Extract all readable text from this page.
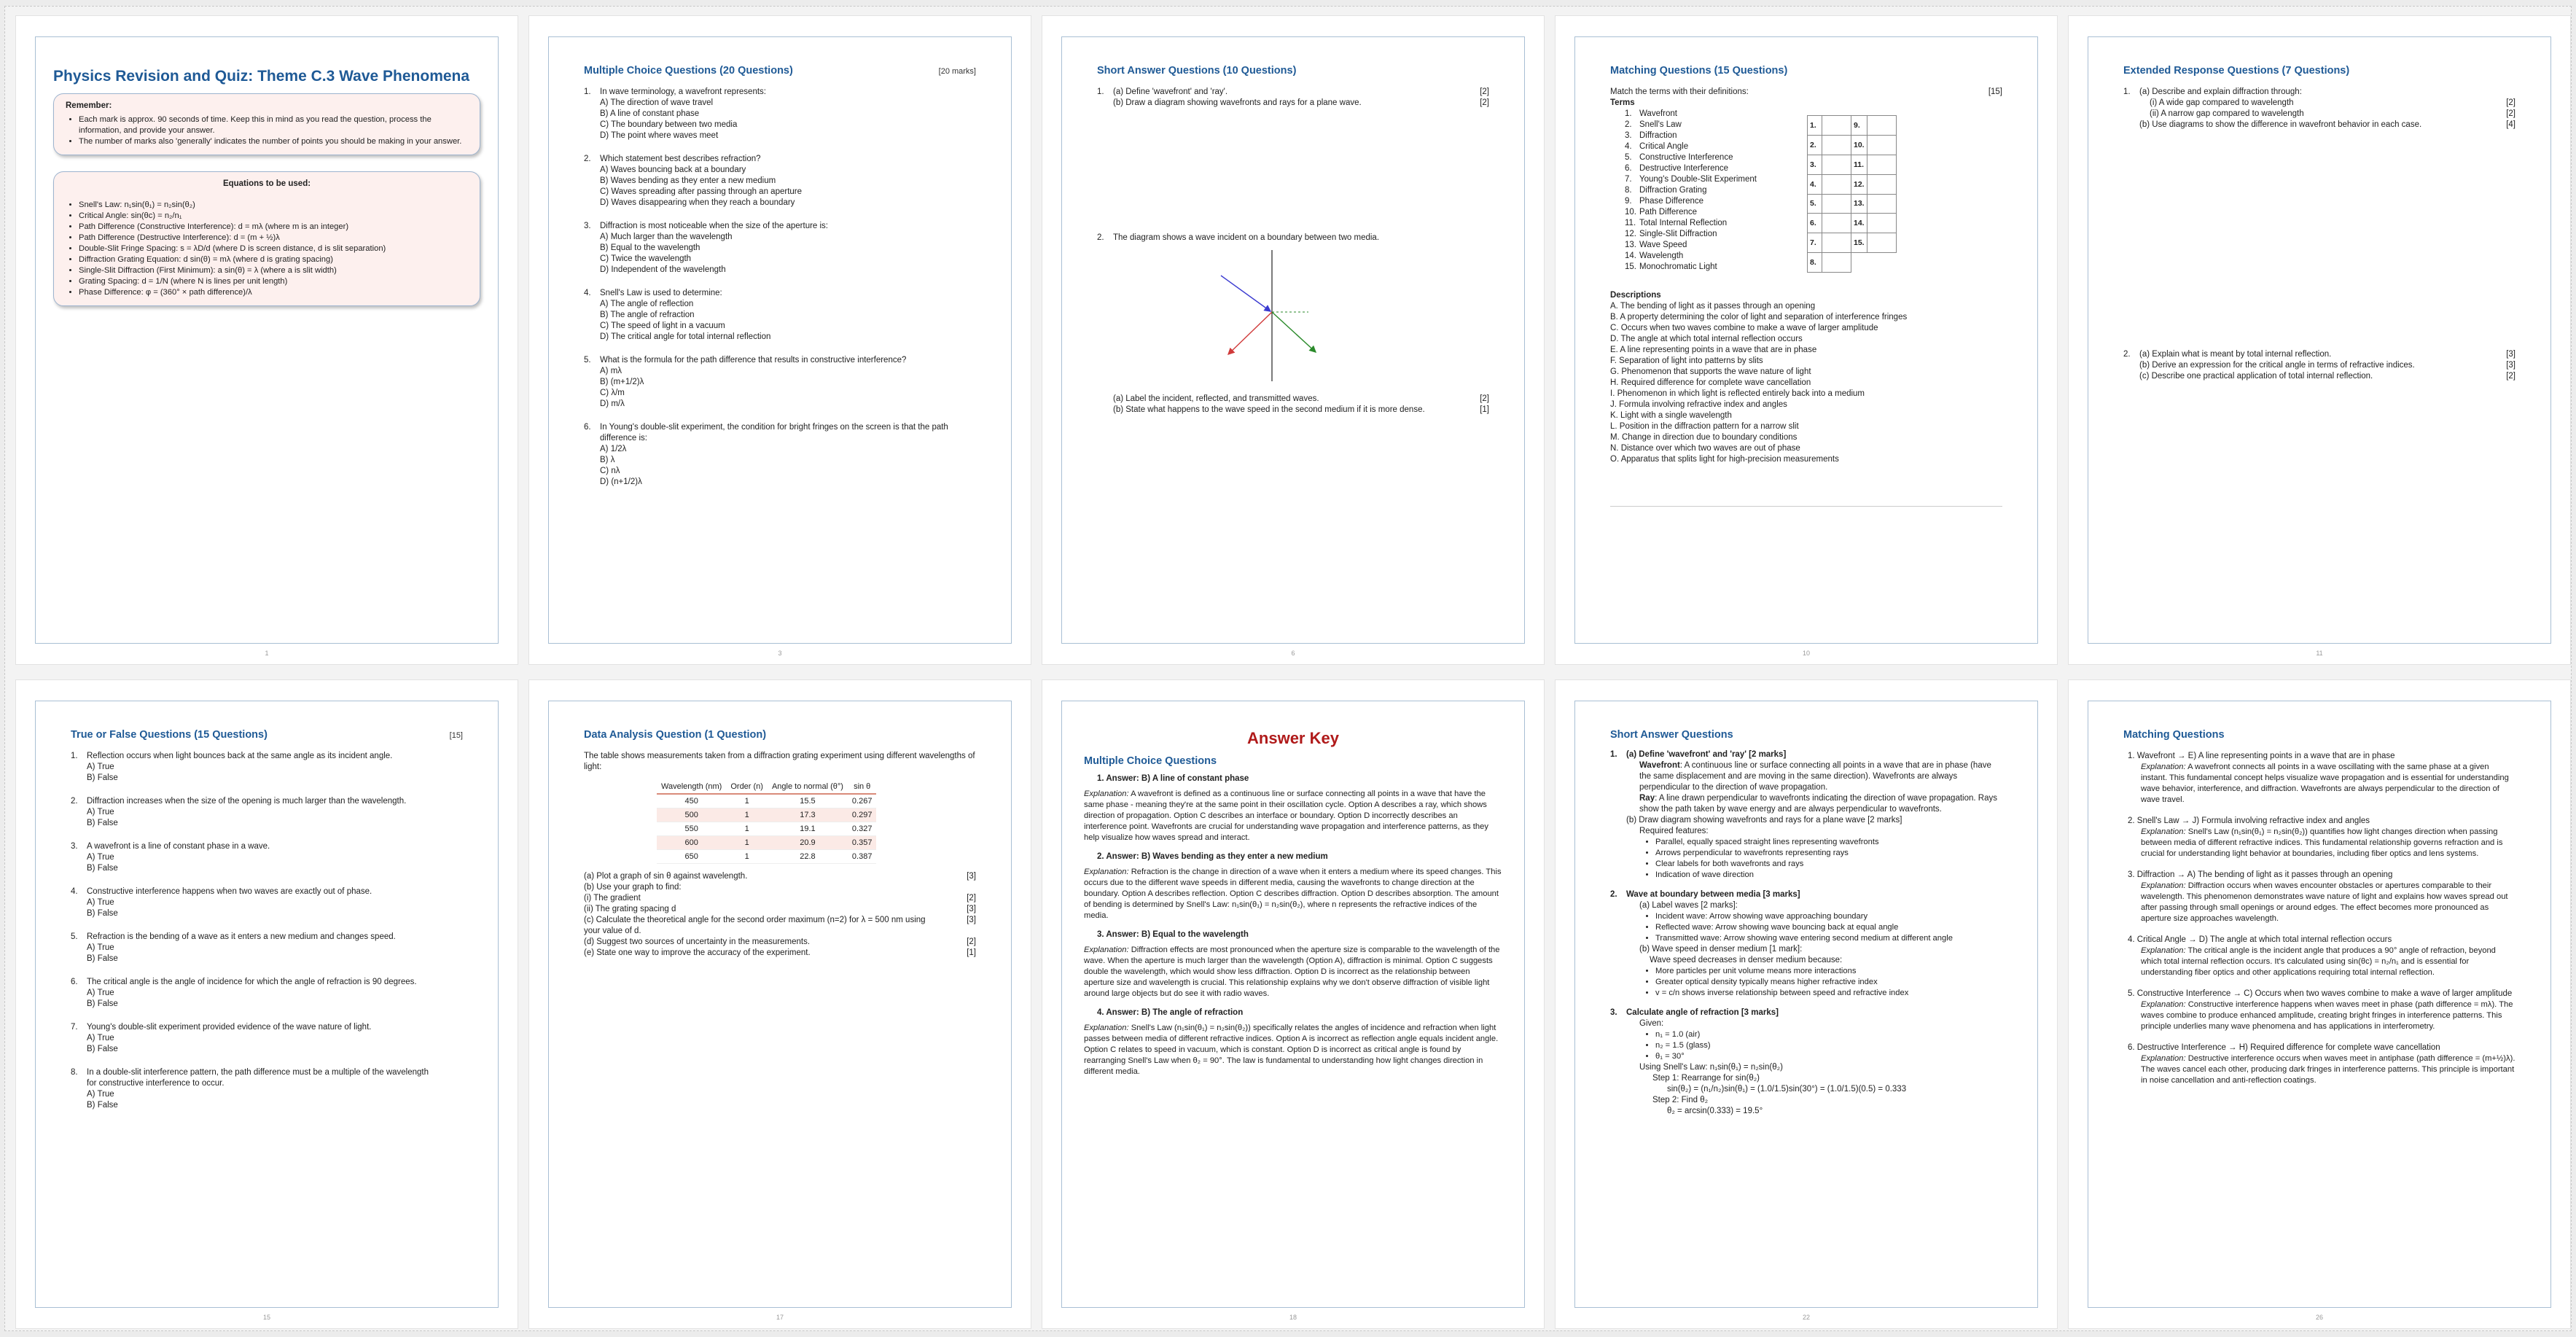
Physics Revision and Quiz: Theme C.3 Wave Phenomena
Remember:
• Each mark is approx. 90 seconds of time. Keep this in mind as you read the question, process the information, and provide your answer.
• The number of marks also 'generally' indicates the number of points you should be making in your answer.
Equations to be used:
• Snell's Law: n₁sin(θ₁) = n₂sin(θ₂)
• Critical Angle: sin(θc) = n₂/n₁
• Path Difference (Constructive Interference): d = mλ (where m is an integer)
• Path Difference (Destructive Interference): d = (m + ½)λ
• Double-Slit Fringe Spacing: s = λD/d (where D is screen distance, d is slit separation)
• Diffraction Grating Equation: d sin(θ) = mλ (where d is grating spacing)
• Single-Slit Diffraction (First Minimum): a sin(θ) = λ (where a is slit width)
• Grating Spacing: d = 1/N (where N is lines per unit length)
• Phase Difference: φ = (360° × path difference)/λ
1
Multiple Choice Questions (20 Questions)	[20 marks]
1.	In wave terminology, a wavefront represents:
A) The direction of wave travel
B) A line of constant phase
C) The boundary between two media
D) The point where waves meet
2.	Which statement best describes refraction?
A) Waves bouncing back at a boundary
B) Waves bending as they enter a new medium
C) Waves spreading after passing through an aperture
D) Waves disappearing when they reach a boundary
3.	Diffraction is most noticeable when the size of the aperture is:
A) Much larger than the wavelength
B) Equal to the wavelength
C) Twice the wavelength
D) Independent of the wavelength
4.	Snell's Law is used to determine:
A) The angle of reflection
B) The angle of refraction
C) The speed of light in a vacuum
D) The critical angle for total internal reflection
5.	What is the formula for the path difference that results in constructive interference?
A) mλ
B) (m+1/2)λ
C) λ/m
D) m/λ
6.	In Young's double-slit experiment, the condition for bright fringes on the screen is that the path difference is:
A) 1/2λ
B) λ
C) nλ
D) (n+1/2)λ
3
Short Answer Questions (10 Questions)
1.	(a) Define 'wavefront' and 'ray'.	[2]
(b) Draw a diagram showing wavefronts and rays for a plane wave.	[2]
2.	The diagram shows a wave incident on a boundary between two media.
(a) Label the incident, reflected, and transmitted waves.	[2]
(b) State what happens to the wave speed in the second medium if it is more dense.	[1]
6
Matching Questions (15 Questions)
Match the terms with their definitions:	[15]
Terms
1. Wavefront
2. Snell's Law
3. Diffraction
4. Critical Angle
5. Constructive Interference
6. Destructive Interference
7. Young's Double-Slit Experiment
8. Diffraction Grating
9. Phase Difference
10. Path Difference
11. Total Internal Reflection
12. Single-Slit Diffraction
13. Wave Speed
14. Wavelength
15. Monochromatic Light
1.		9.	
2.		10.	
3.		11.	
4.		12.	
5.		13.	
6.		14.	
7.		15.	
8.			
Descriptions
A. The bending of light as it passes through an opening
B. A property determining the color of light and separation of interference fringes
C. Occurs when two waves combine to make a wave of larger amplitude
D. The angle at which total internal reflection occurs
E. A line representing points in a wave that are in phase
F. Separation of light into patterns by slits
G. Phenomenon that supports the wave nature of light
H. Required difference for complete wave cancellation
I. Phenomenon in which light is reflected entirely back into a medium
J. Formula involving refractive index and angles
K. Light with a single wavelength
L. Position in the diffraction pattern for a narrow slit
M. Change in direction due to boundary conditions
N. Distance over which two waves are out of phase
O. Apparatus that splits light for high-precision measurements
10
Extended Response Questions (7 Questions)
1.	(a) Describe and explain diffraction through:
(i) A wide gap compared to wavelength	[2]
(ii) A narrow gap compared to wavelength	[2]
(b) Use diagrams to show the difference in wavefront behavior in each case.	[4]
2.	(a) Explain what is meant by total internal reflection.	[3]
(b) Derive an expression for the critical angle in terms of refractive indices.	[3]
(c) Describe one practical application of total internal reflection.	[2]
11
True or False Questions (15 Questions)	[15]
1.	Reflection occurs when light bounces back at the same angle as its incident angle.
A) True
B) False
2.	Diffraction increases when the size of the opening is much larger than the wavelength.
A) True
B) False
3.	A wavefront is a line of constant phase in a wave.
A) True
B) False
4.	Constructive interference happens when two waves are exactly out of phase.
A) True
B) False
5.	Refraction is the bending of a wave as it enters a new medium and changes speed.
A) True
B) False
6.	The critical angle is the angle of incidence for which the angle of refraction is 90 degrees.
A) True
B) False
7.	Young's double-slit experiment provided evidence of the wave nature of light.
A) True
B) False
8.	In a double-slit interference pattern, the path difference must be a multiple of the wavelength for constructive interference to occur.
A) True
B) False
15
Data Analysis Question (1 Question)
The table shows measurements taken from a diffraction grating experiment using different wavelengths of light:
Wavelength (nm)	Order (n)	Angle to normal (θ°)	sin θ
450	1	15.5	0.267
500	1	17.3	0.297
550	1	19.1	0.327
600	1	20.9	0.357
650	1	22.8	0.387
(a) Plot a graph of sin θ against wavelength.	[3]
(b) Use your graph to find:
(i) The gradient	[2]
(ii) The grating spacing d	[3]
(c) Calculate the theoretical angle for the second order maximum (n=2) for λ = 500 nm using your value of d.
[3]
(d) Suggest two sources of uncertainty in the measurements.	[2]
(e) State one way to improve the accuracy of the experiment.	[1]
17
Answer Key
Multiple Choice Questions
1. Answer: B) A line of constant phase
Explanation: A wavefront is defined as a continuous line or surface connecting all points in a wave that have the same phase - meaning they're at the same point in their oscillation cycle. Option A describes a ray, which shows direction of propagation. Option C describes an interface or boundary. Option D incorrectly describes an interference point. Wavefronts are crucial for understanding wave propagation and interference patterns, as they help visualize how waves spread and interact.
2. Answer: B) Waves bending as they enter a new medium
Explanation: Refraction is the change in direction of a wave when it enters a medium where its speed changes. This occurs due to the different wave speeds in different media, causing the wavefronts to change direction at the boundary. Option A describes reflection. Option C describes diffraction. Option D describes absorption. The amount of bending is determined by Snell's Law: n₁sin(θ₁) = n₂sin(θ₂), where n represents the refractive indices of the media.
3. Answer: B) Equal to the wavelength
Explanation: Diffraction effects are most pronounced when the aperture size is comparable to the wavelength of the wave. When the aperture is much larger than the wavelength (Option A), diffraction is minimal. Option C suggests double the wavelength, which would show less diffraction. Option D is incorrect as the relationship between aperture size and wavelength is crucial. This relationship explains why we don't observe diffraction of visible light around large objects but do see it with radio waves.
4. Answer: B) The angle of refraction
Explanation: Snell's Law (n₁sin(θ₁) = n₂sin(θ₂)) specifically relates the angles of incidence and refraction when light passes between media of different refractive indices. Option A is incorrect as reflection angle equals incident angle. Option C relates to speed in vacuum, which is constant. Option D is incorrect as critical angle is found by rearranging Snell's Law when θ₂ = 90°. The law is fundamental to understanding how light changes direction in different media.
18
Short Answer Questions
1.	(a) Define 'wavefront' and 'ray' [2 marks]
Wavefront: A continuous line or surface connecting all points in a wave that are in phase (have the same displacement and are moving in the same direction). Wavefronts are always perpendicular to the direction of wave propagation.
Ray: A line drawn perpendicular to wavefronts indicating the direction of wave propagation. Rays show the path taken by wave energy and are always perpendicular to wavefronts.
(b) Draw diagram showing wavefronts and rays for a plane wave [2 marks]
Required features:
• Parallel, equally spaced straight lines representing wavefronts
• Arrows perpendicular to wavefronts representing rays
• Clear labels for both wavefronts and rays
• Indication of wave direction
2.	Wave at boundary between media [3 marks]
(a) Label waves [2 marks]:
• Incident wave: Arrow showing wave approaching boundary
• Reflected wave: Arrow showing wave bouncing back at equal angle
• Transmitted wave: Arrow showing wave entering second medium at different angle
(b) Wave speed in denser medium [1 mark]:
Wave speed decreases in denser medium because:
• More particles per unit volume means more interactions
• Greater optical density typically means higher refractive index
• v = c/n shows inverse relationship between speed and refractive index
3.	Calculate angle of refraction [3 marks]
Given:
• n₁ = 1.0 (air)
• n₂ = 1.5 (glass)
• θ₁ = 30°
Using Snell's Law: n₁sin(θ₁) = n₂sin(θ₂)
Step 1: Rearrange for sin(θ₂)
sin(θ₂) = (n₁/n₂)sin(θ₁) = (1.0/1.5)sin(30°) = (1.0/1.5)(0.5) = 0.333
Step 2: Find θ₂
θ₂ = arcsin(0.333) = 19.5°
22
Matching Questions
1. Wavefront → E) A line representing points in a wave that are in phase
Explanation: A wavefront connects all points in a wave oscillating with the same phase at a given instant. This fundamental concept helps visualize wave propagation and is essential for understanding wave behavior, interference, and diffraction. Wavefronts are always perpendicular to the direction of wave travel.
2. Snell's Law → J) Formula involving refractive index and angles
Explanation: Snell's Law (n₁sin(θ₁) = n₂sin(θ₂)) quantifies how light changes direction when passing between media of different refractive indices. This fundamental relationship governs refraction and is crucial for understanding light behavior at boundaries, including fiber optics and lens systems.
3. Diffraction → A) The bending of light as it passes through an opening
Explanation: Diffraction occurs when waves encounter obstacles or apertures comparable to their wavelength. This phenomenon demonstrates wave nature of light and explains how waves spread out after passing through small openings or around edges. The effect becomes more pronounced as aperture size approaches wavelength.
4. Critical Angle → D) The angle at which total internal reflection occurs
Explanation: The critical angle is the incident angle that produces a 90° angle of refraction, beyond which total internal reflection occurs. It's calculated using sin(θc) = n₂/n₁ and is essential for understanding fiber optics and other applications requiring total internal reflection.
5. Constructive Interference → C) Occurs when two waves combine to make a wave of larger amplitude
Explanation: Constructive interference happens when waves meet in phase (path difference = mλ). The waves combine to produce enhanced amplitude, creating bright fringes in interference patterns. This principle underlies many wave phenomena and has applications in interferometry.
6. Destructive Interference → H) Required difference for complete wave cancellation
Explanation: Destructive interference occurs when waves meet in antiphase (path difference = (m+½)λ). The waves cancel each other, producing dark fringes in interference patterns. This principle is important in noise cancellation and anti-reflection coatings.
26
